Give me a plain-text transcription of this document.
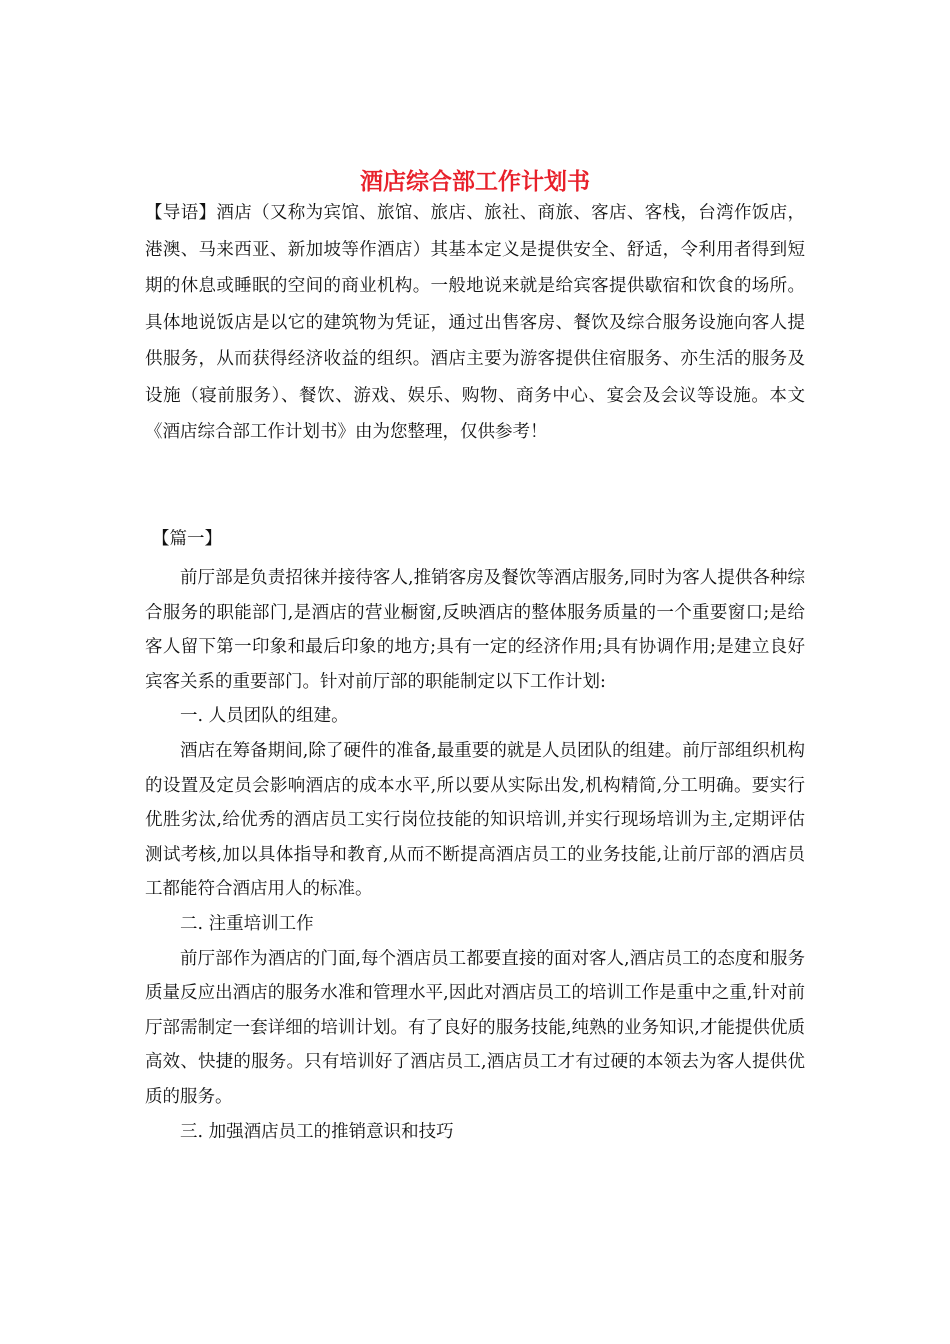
酒店综合部工作计划书

【导语】酒店（又称为宾馆、旅馆、旅店、旅社、商旅、客店、客栈，台湾作饭店，港澳、马来西亚、新加坡等作酒店）其基本定义是提供安全、舒适，令利用者得到短期的休息或睡眠的空间的商业机构。一般地说来就是给宾客提供歇宿和饮食的场所。具体地说饭店是以它的建筑物为凭证，通过出售客房、餐饮及综合服务设施向客人提供服务，从而获得经济收益的组织。酒店主要为游客提供住宿服务、亦生活的服务及设施（寝前服务）、餐饮、游戏、娱乐、购物、商务中心、宴会及会议等设施。本文《酒店综合部工作计划书》由为您整理，仅供参考！

【篇一】

前厅部是负责招徕并接待客人,推销客房及餐饮等酒店服务,同时为客人提供各种综合服务的职能部门,是酒店的营业橱窗,反映酒店的整体服务质量的一个重要窗口;是给客人留下第一印象和最后印象的地方;具有一定的经济作用;具有协调作用;是建立良好宾客关系的重要部门。针对前厅部的职能制定以下工作计划:

一. 人员团队的组建。

酒店在筹备期间,除了硬件的准备,最重要的就是人员团队的组建。前厅部组织机构的设置及定员会影响酒店的成本水平,所以要从实际出发,机构精简,分工明确。要实行优胜劣汰,给优秀的酒店员工实行岗位技能的知识培训,并实行现场培训为主,定期评估测试考核,加以具体指导和教育,从而不断提高酒店员工的业务技能,让前厅部的酒店员工都能符合酒店用人的标准。

二. 注重培训工作

前厅部作为酒店的门面,每个酒店员工都要直接的面对客人,酒店员工的态度和服务质量反应出酒店的服务水准和管理水平,因此对酒店员工的培训工作是重中之重,针对前厅部需制定一套详细的培训计划。有了良好的服务技能,纯熟的业务知识,才能提供优质高效、快捷的服务。只有培训好了酒店员工,酒店员工才有过硬的本领去为客人提供优质的服务。

三. 加强酒店员工的推销意识和技巧
